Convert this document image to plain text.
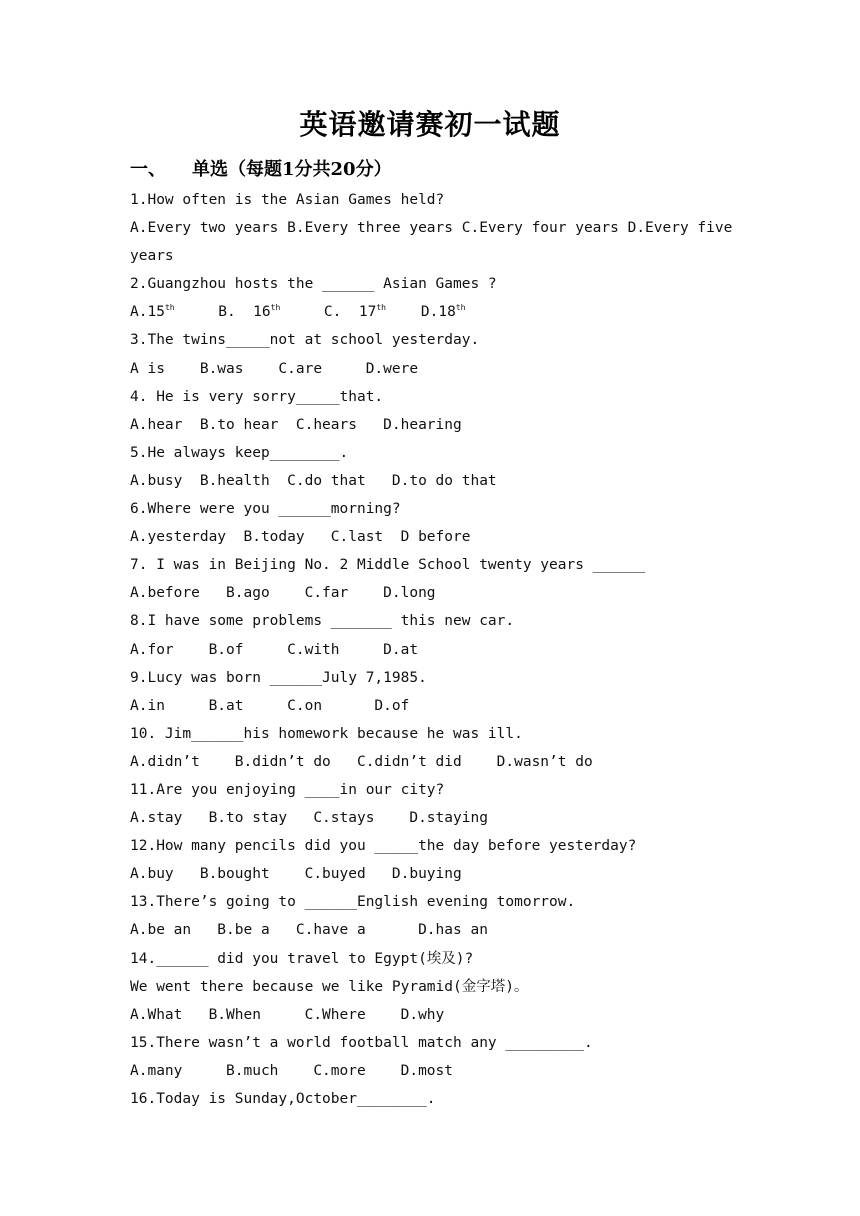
英语邀请赛初一试题
一、 单选（每题1分共20分）
1.How often is the Asian Games held?
A.Every two years B.Every three years C.Every four years D.Every five
years
2.Guangzhou hosts the ______ Asian Games ?
A.15th	B.  16th	C.  17th D.18th
3.The twins_____not at school yesterday.
A is    B.was    C.are     D.were
4. He is very sorry_____that.
A.hear  B.to hear  C.hears   D.hearing
5.He always keep________.
A.busy  B.health  C.do that   D.to do that
6.Where were you ______morning?
A.yesterday  B.today   C.last  D before
7. I was in Beijing No. 2 Middle School twenty years ______
A.before   B.ago    C.far    D.long
8.I have some problems _______ this new car.
A.for    B.of     C.with     D.at
9.Lucy was born ______July 7,1985.
A.in     B.at     C.on      D.of
10. Jim______his homework because he was ill.
A.didn’t    B.didn’t do   C.didn’t did    D.wasn’t do
11.Are you enjoying ____in our city?
A.stay   B.to stay   C.stays    D.staying
12.How many pencils did you _____the day before yesterday?
A.buy   B.bought    C.buyed   D.buying
13.There’s going to ______English evening tomorrow.
A.be an   B.be a   C.have a      D.has an
14.______ did you travel to Egypt(埃及)?
We went there because we like Pyramid(金字塔)。
A.What   B.When     C.Where    D.why
15.There wasn’t a world football match any _________.
A.many     B.much    C.more    D.most
16.Today is Sunday,October________.
